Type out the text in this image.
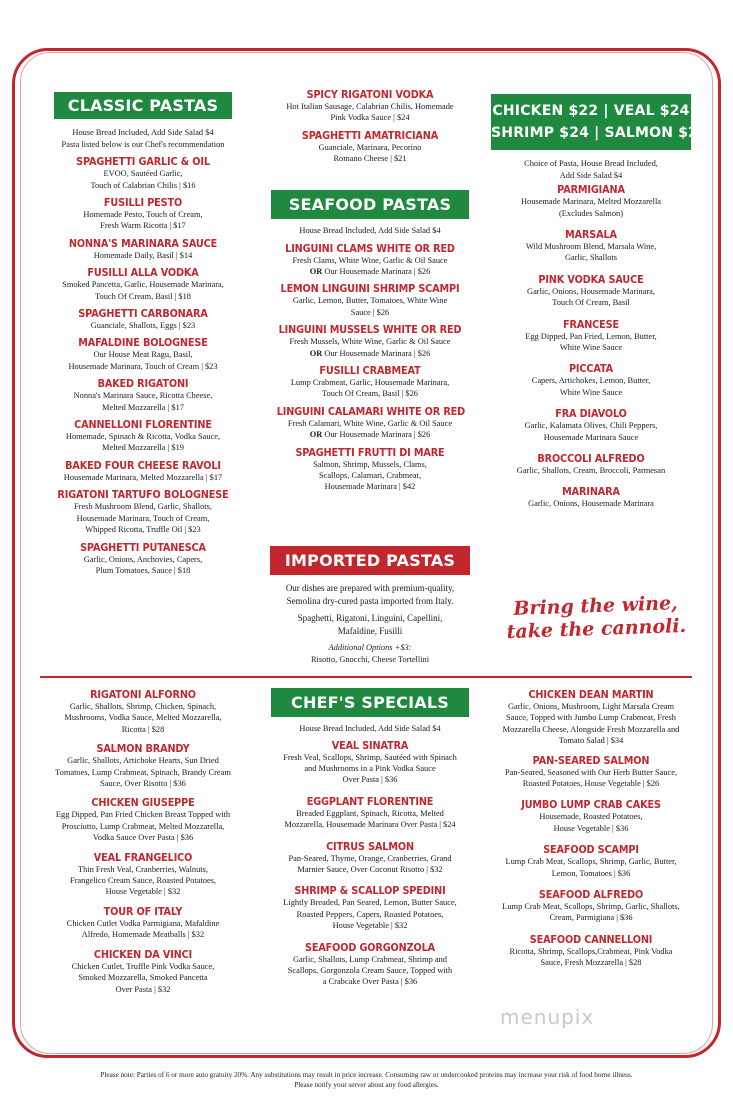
CLASSIC PASTAS
House Bread Included, Add Side Salad $4
Pasta listed below is our Chef's recommendation
SPAGHETTI GARLIC & OIL
EVOO, Sautéed Garlic,
Touch of Calabrian Chilis | $16
FUSILLI PESTO
Homemade Pesto, Touch of Cream,
Fresh Warm Ricotta | $17
NONNA'S MARINARA SAUCE
Homemade Daily, Basil | $14
FUSILLI ALLA VODKA
Smoked Pancetta, Garlic, Housemade Marinara,
Touch Of Cream, Basil | $18
SPAGHETTI CARBONARA
Guanciale, Shallots, Eggs | $23
MAFALDINE BOLOGNESE
Our House Meat Ragu, Basil,
Housemade Marinara, Touch of Cream | $23
BAKED RIGATONI
Nonna's Marinara Sauce, Ricotta Cheese,
Melted Mozzarella | $17
CANNELLONI FLORENTINE
Homemade, Spinach & Ricotta, Vodka Sauce,
Melted Mozzarella | $19
BAKED FOUR CHEESE RAVOLI
Housemade Marinara, Melted Mozzarella | $17
RIGATONI TARTUFO BOLOGNESE
Fresh Mushroom Blend, Garlic, Shallots,
Housemade Marinara, Touch of Cream,
Whipped Ricotta, Truffle Oil | $23
SPAGHETTI PUTANESCA
Garlic, Onions, Anchovies, Capers,
Plum Tomatoes, Sauce | $18
SPICY RIGATONI VODKA
Hot Italian Sausage, Calabrian Chilis, Homemade
Pink Vodka Sauce | $24
SPAGHETTI AMATRICIANA
Guanciale, Marinara, Pecorino
Romano Cheese | $21
SEAFOOD PASTAS
House Bread Included, Add Side Salad $4
LINGUINI CLAMS WHITE OR RED
Fresh Clams, White Wine, Garlic & Oil Sauce
OR Our Housemade Marinara | $26
LEMON LINGUINI SHRIMP SCAMPI
Garlic, Lemon, Butter, Tomatoes, White Wine
Sauce | $26
LINGUINI MUSSELS WHITE OR RED
Fresh Mussels, White Wine, Garlic & Oil Sauce
OR Our Housemade Marinara | $26
FUSILLI CRABMEAT
Lump Crabmeat, Garlic, Housemade Marinara,
Touch Of Cream, Basil | $26
LINGUINI CALAMARI WHITE OR RED
Fresh Calamari, White Wine, Garlic & Oil Sauce
OR Our Housemade Marinara | $26
SPAGHETTI FRUTTI DI MARE
Salmon, Shrimp, Mussels, Clams,
Scallops, Calamari, Crabmeat,
Housemade Marinara | $42
IMPORTED PASTAS
Our dishes are prepared with premium-quality,
Semolina dry-cured pasta imported from Italy.
Spaghetti, Rigatoni, Linguini, Capellini,
Mafaldine, Fusilli
Additional Options +$3:
Risotto, Gnocchi, Cheese Tortellini
CHICKEN $22 | VEAL $24
SHRIMP $24 | SALMON $26
Choice of Pasta, House Bread Included,
Add Side Salad $4
PARMIGIANA
Housemade Marinara, Melted Mozzarella
(Excludes Salmon)
MARSALA
Wild Mushroom Blend, Marsala Wine,
Garlic, Shallots
PINK VODKA SAUCE
Garlic, Onions, Housemade Marinara,
Touch Of Cream, Basil
FRANCESE
Egg Dipped, Pan Fried, Lemon, Butter,
White Wine Sauce
PICCATA
Capers, Artichokes, Lemon, Butter,
White Wine Sauce
FRA DIAVOLO
Garlic, Kalamata Olives, Chili Peppers,
Housemade Marinara Sauce
BROCCOLI ALFREDO
Garlic, Shallots, Cream, Broccoli, Parmesan
MARINARA
Garlic, Onions, Housemade Marinara
Bring the wine,
take the cannoli.
RIGATONI ALFORNO
Garlic, Shallots, Shrimp, Chicken, Spinach,
Mushrooms, Vodka Sauce, Melted Mozzarella,
Ricotta | $28
SALMON BRANDY
Garlic, Shallots, Artichoke Hearts, Sun Dried
Tomatoes, Lump Crabmeat, Spinach, Brandy Cream
Sauce, Over Risotto | $36
CHICKEN GIUSEPPE
Egg Dipped, Pan Fried Chicken Breast Topped with
Prosciutto, Lump Crabmeat, Melted Mozzarella,
Vodka Sauce Over Pasta | $36
VEAL FRANGELICO
Thin Fresh Veal, Cranberries, Walnuts,
Frangelico Cream Sauce, Roasted Potatoes,
House Vegetable | $32
TOUR OF ITALY
Chicken Cutlet Vodka Parmigiana, Mafaldine
Alfredo, Homemade Meatballs | $32
CHICKEN DA VINCI
Chicken Cutlet, Truffle Pink Vodka Sauce,
Smoked Mozzarella, Smoked Pancetta
Over Pasta | $32
CHEF'S SPECIALS
House Bread Included, Add Side Salad $4
VEAL SINATRA
Fresh Veal, Scallops, Shrimp, Sautéed with Spinach
and Mushrooms in a Pink Vodka Sauce
Over Pasta | $36
EGGPLANT FLORENTINE
Breaded Eggplant, Spinach, Ricotta, Melted
Mozzarella, Housemade Marinara Over Pasta | $24
CITRUS SALMON
Pan-Seared, Thyme, Orange, Cranberries, Grand
Marnier Sauce, Over Coconut Risotto | $32
SHRIMP & SCALLOP SPEDINI
Lightly Breaded, Pan Seared, Lemon, Butter Sauce,
Roasted Peppers, Capers, Roasted Potatoes,
House Vegetable | $32
SEAFOOD GORGONZOLA
Garlic, Shallots, Lump Crabmeat, Shrimp and
Scallops, Gorgonzola Cream Sauce, Topped with
a Crabcake Over Pasta | $36
CHICKEN DEAN MARTIN
Garlic, Onions, Mushroom, Light Marsala Cream
Sauce, Topped with Jumbo Lump Crabmeat, Fresh
Mozzarella Cheese, Alongside Fresh Mozzarella and
Tomato Salad | $34
PAN-SEARED SALMON
Pan-Seared, Seasoned with Our Herb Butter Sauce,
Roasted Potatoes, House Vegetable | $26
JUMBO LUMP CRAB CAKES
Housemade, Roasted Potatoes,
House Vegetable | $36
SEAFOOD SCAMPI
Lump Crab Meat, Scallops, Shrimp, Garlic, Butter,
Lemon, Tomatoes | $36
SEAFOOD ALFREDO
Lump Crab Meat, Scallops, Shrimp, Garlic, Shallots,
Cream, Parmigiana | $36
SEAFOOD CANNELLONI
Ricotta, Shrimp, Scallops,Crabmeat, Pink Vodka
Sauce, Fresh Mozzarella | $28
menupix
Please note: Parties of 6 or more auto gratuity 20%. Any substitutions may result in price increase. Consuming raw or undercooked proteins may increase your risk of food borne illness.
Please notify your server about any food allergies.
